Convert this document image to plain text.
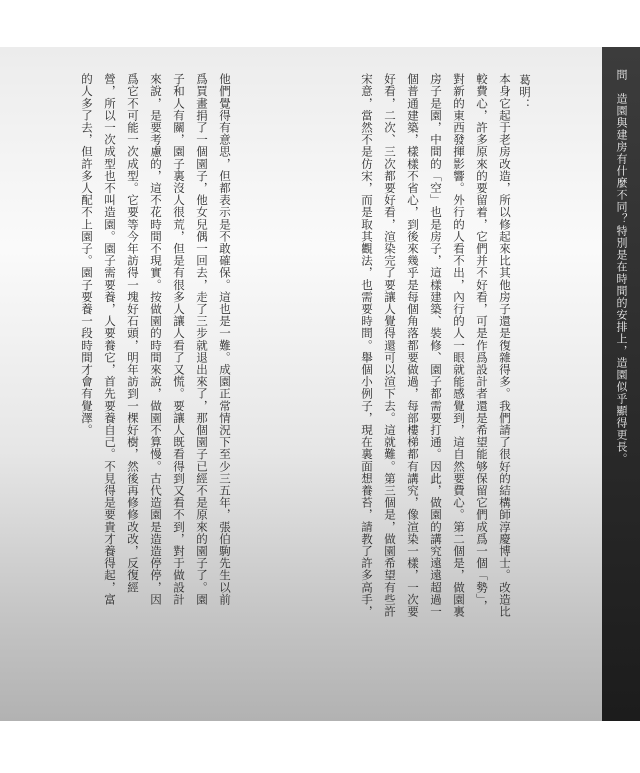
葛明：
本身它起于老房改造，所以修起來比其他房子還是復雜得多。我們請了很好的結構師淳慶博士。改造比
較費心，許多原來的要留着，它們并不好看，可是作爲設計者還是希望能够保留它們成爲一個「勢」，
對新的東西發揮影響。外行的人看不出，內行的人一眼就能感覺到，這自然要費心。第二個是，做園裏
房子是園，中間的「空」也是房子，這樣建築、裝修、園子都需要打通。因此，做園的講究遠遠超過一
個普通建築，樣樣不省心，到後來幾乎是每個角落都要做過，每部樓梯都有講究，像渲染一樣，一次要
好看，二次、三次都要好看，渲染完了要讓人覺得還可以渲下去。這就難。第三個是，做園希望有些許
宋意，當然不是仿宋，而是取其觀法，也需要時間。舉個小例子，現在裏面想養苔，請教了許多高手，
他們覺得有意思，但都表示是不敢確保。這也是一難。成園正常情況下至少三五年，張伯駒先生以前
爲買畫捐了一個園子，他女兒偶一回去，走了三步就退出來了，那個園子已經不是原來的園子了。園
子和人有關，園子裏沒人很荒，但是有很多人讓人看了又慌。要讓人既看得到又看不到，對于做設計
來說，是要考慮的，這不花時間不現實。按做園的時間來說，做園不算慢。古代造園是造造停停，因
爲它不可能一次成型。它要等今年訪得一塊好石頭，明年訪到一棵好樹，然後再修修改改，反復經
營，所以一次成型也不叫造園。園子需要養，人要養它，首先要養自己。不見得是要貴才養得起，富
的人多了去，但許多人配不上園子。園子要養一段時間才會有覺澤。	問　造園與建房有什麼不同？特別是在時間的安排上，造園似乎顯得更長。
